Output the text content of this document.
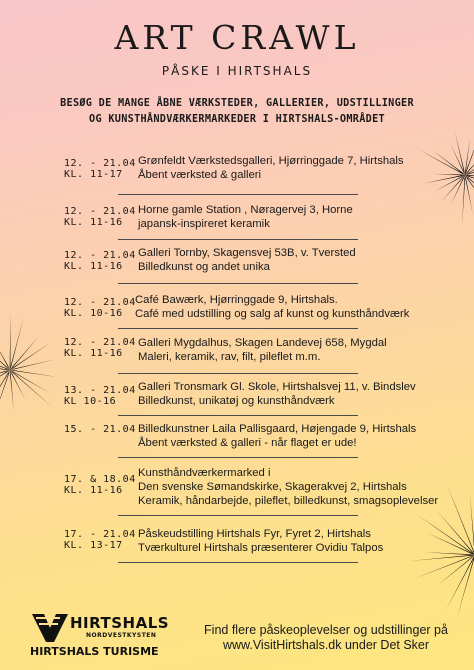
ART CRAWL
PÅSKE I HIRTSHALS
BESØG DE MANGE ÅBNE VÆRKSTEDER, GALLERIER, UDSTILLINGER
OG KUNSTHÅNDVÆRKERMARKEDER I HIRTSHALS-OMRÅDET
12. - 21.04
KL. 11-17
Grønfeldt Værkstedsgalleri, Hjørringgade 7, Hirtshals
Åbent værksted & galleri
12. - 21.04
KL. 11-16
Horne gamle Station , Nøragervej 3, Horne
japansk-inspireret keramik
12. - 21.04
KL. 11-16
Galleri Tornby, Skagensvej 53B, v. Tversted
Billedkunst og andet unika
12. - 21.04
KL. 10-16
Café Bawærk, Hjørringgade 9, Hirtshals.
Café med udstilling og salg af kunst og kunsthåndværk
12. - 21.04
KL. 11-16
Galleri Mygdalhus, Skagen Landevej 658, Mygdal
Maleri, keramik, rav, filt, pileflet m.m.
13. - 21.04
KL 10-16
Galleri Tronsmark Gl. Skole, Hirtshalsvej 11, v. Bindslev
Billedkunst, unikatøj og kunsthåndværk
15. - 21.04 Billedkunstner Laila Pallisgaard, Højengade 9, Hirtshals
Åbent værksted & galleri - når flaget er ude!
17. & 18.04
KL. 11-16
Kunsthåndværkermarked i
Den svenske Sømandskirke, Skagerakvej 2, Hirtshals
Keramik, håndarbejde, pileflet, billedkunst, smagsoplevelser
17. - 21.04
KL. 13-17
Påskeudstilling Hirtshals Fyr, Fyret 2, Hirtshals
Tværkulturel Hirtshals præsenterer Ovidiu Talpos
HIRTSHALS
NORDVESTKYSTEN
HIRTSHALS TURISME
Find flere påskeoplevelser og udstillinger på
www.VisitHirtshals.dk under Det Sker
